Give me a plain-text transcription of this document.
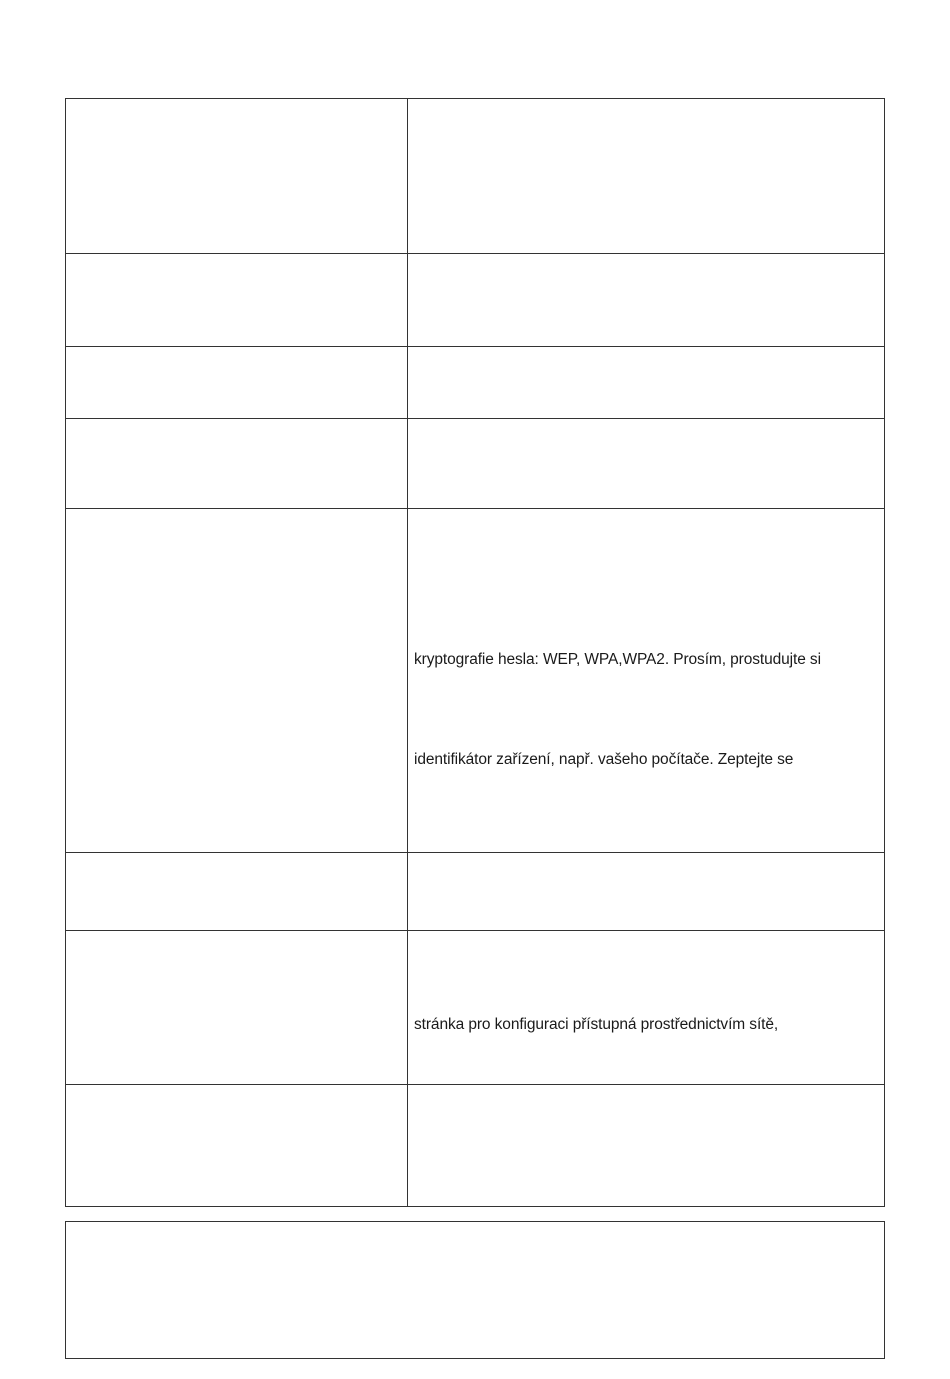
kryptografie hesla: WEP, WPA,WPA2. Prosím, prostudujte si
identifikátor zařízení, např. vašeho počítače. Zeptejte se
stránka pro konfiguraci přístupná prostřednictvím sítě,
